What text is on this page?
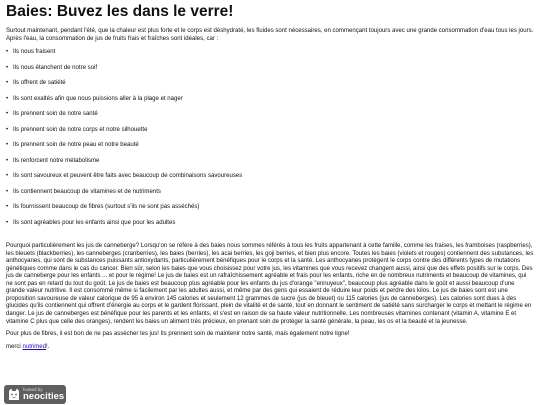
Baies: Buvez les dans le verre!

Surtout maintenant, pendant l'été, que la chaleur est plus forte et le corps est déshydraté, les fluides sont nécessaires, en commençant toujours avec une grande consommation d'eau tous les jours. Après l'eau, la consommation de jus de fruits frais et fraîches sont idéales, car :

• Ils nous fraisent
• Ils nous étanchent de notre soif
• Ils offrent de satiété
• Ils sont exaltés afin que nous puissions aller à la plage et nager
• Ils prennent soin de notre santé
• Ils prennent soin de notre corps et notre silhouette
• Ils prennent soin de notre peau et notre beauté
• Ils renforcent notre métabolisme
• Ils sont savoureux et peuvent être faits avec beaucoup de combinaisons savoureuses
• Ils contiennent beaucoup de vitamines et de nutriments
• Ils fournissent beaucoup de fibres (surtout s'ils ne sont pas asséchés)
• Ils sont agréables pour les enfants ainsi que pour les adultes

Pourquoi particulièrement les jus de canneberge? Lorsqu'on se réfère à des baies nous sommes référés à tous les fruits appartenant à cette famille, comme les fraises, les framboises (raspberries), les bleuets (blackberries), les canneberges (cranberries), les baies (berries), les acai berries, les goji berries, et bien plus encore. Toutes les baies (violets et rouges) contiennent des substances, les anthocyanes, qui sont de substances puissants antioxydants, particulièrement bénéfiques pour le corps et la santé. Les anthocyanes protègent le corps contre des différents types de mutations génétiques comme dans le cas du cancer. Bien sûr, selon les baies que vous choisissez pour votre jus, les vitamines que vous recevez changent aussi, ainsi que des effets positifs sur le corps. Des jus de canneberge pour les enfants ... et pour le régime! Le jus de baies est un rafraîchissement agréable et frais pour les enfants, riche en de nombreux nutriments et beaucoup de vitamines, qui ne sont pas en retard du tout du goût. Le jus de baies est beaucoup plus agréable pour les enfants du jus d'orange "ennuyeux", beaucoup plus agréable dans le goût et aussi beaucoup d'une grande valeur nutritive. Il est consommé même si facilement par les adultes aussi, et même par des gens qui essaient de réduire leur poids et perdre des kilos. Le jus de baies sont est une proposition savoureuse de valeur calorique de 95 à environ 145 calories et seulement 12 grammes de sucre (jus de bleuet) ou 115 calories (jus de canneberges). Les calories sont dues à des glucides qu'ils contiennent qui offrent d'énergie au corps et le gardent florissant, plein de vitalité et de santé, tout en donnant le sentiment de satiété sans surcharger le corps et mettant le régime en danger. Le jus de canneberges est bénéfique pour les parents et les enfants, et s'est en raison de sa haute valeur nutritionnelle. Les nombreuses vitamines contenant (vitamin A, vitamine E et vitamine C plus que celle des oranges), rendent les baies un aliment très précieux, en prenant soin de protéger la santé générale, la peau, les os et la beauté et la jeunesse.

Pour plus de fibres, il est bon de ne pas assécher les jus! Ils prennent soin de maintenir notre santé, mais également notre ligne!

merci nutrimed!.

hosted by
neocities
